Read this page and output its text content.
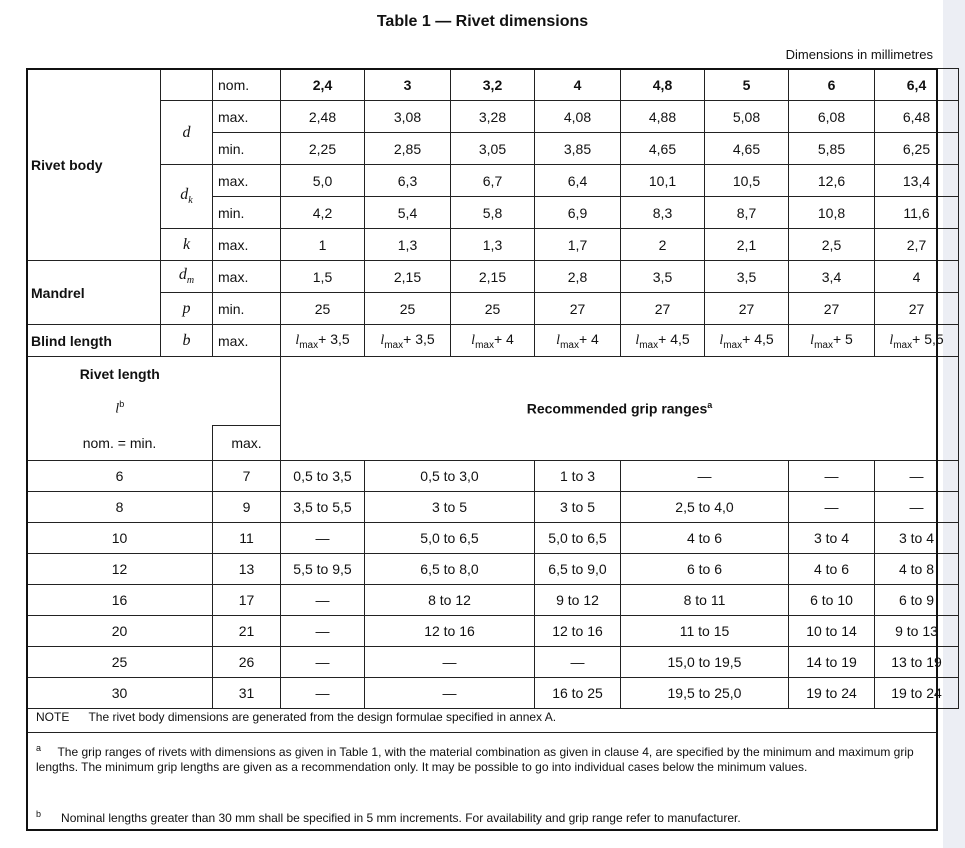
Table 1 — Rivet dimensions
Dimensions in millimetres
Rivet body		nom.	2,4	3	3,2	4	4,8	5	6	6,4
	d	max.	2,48	3,08	3,28	4,08	4,88	5,08	6,08	6,48
		min.	2,25	2,85	3,05	3,85	4,65	4,65	5,85	6,25
	$d_k$	max.	5,0	6,3	6,7	6,4	10,1	10,5	12,6	13,4
		min.	4,2	5,4	5,8	6,9	8,3	8,7	10,8	11,6
	k	max.	1	1,3	1,3	1,7	2	2,1	2,5	2,7
Mandrel	$d_m$	max.	1,5	2,15	2,15	2,8	3,5	3,5	3,4	4
	p	min.	25	25	25	27	27	27	27	27
Blind length	b	max.	$l_{max}+ 3,5$	$l_{max}+ 3,5$	$l_{max}+ 4$	$l_{max}+ 4$	$l_{max}+ 4,5$	$l_{max}+ 4,5$	$l_{max}+ 5$	$l_{max}+ 5,5$
Rivet length			Recommended grip ranges$^a$
$l^b$	
nom. = min.		max.								
6		7	0,5 to 3,5	0,5 to 3,0		1 to 3	—		—	—
8		9	3,5 to 5,5	3 to 5		3 to 5	2,5 to 4,0		—	—
10		11	—	5,0 to 6,5		5,0 to 6,5	4 to 6		3 to 4	3 to 4
12		13	5,5 to 9,5	6,5 to 8,0		6,5 to 9,0	6 to 6		4 to 6	4 to 8
16		17	—	8 to 12		9 to 12	8 to 11		6 to 10	6 to 9
20		21	—	12 to 16		12 to 16	11 to 15		10 to 14	9 to 13
25		26	—	—		—	15,0 to 19,5		14 to 19	13 to 19
30		31	—	—		16 to 25	19,5 to 25,0		19 to 24	19 to 24
NOTE The rivet body dimensions are generated from the design formulae specified in annex A.
$^a$ The grip ranges of rivets with dimensions as given in Table 1, with the material combination as given in clause 4, are specified by the minimum and maximum grip lengths. The minimum grip lengths are given as a recommendation only. It may be possible to go into individual cases below the minimum values.
$^b$ Nominal lengths greater than 30 mm shall be specified in 5 mm increments. For availability and grip range refer to manufacturer.
